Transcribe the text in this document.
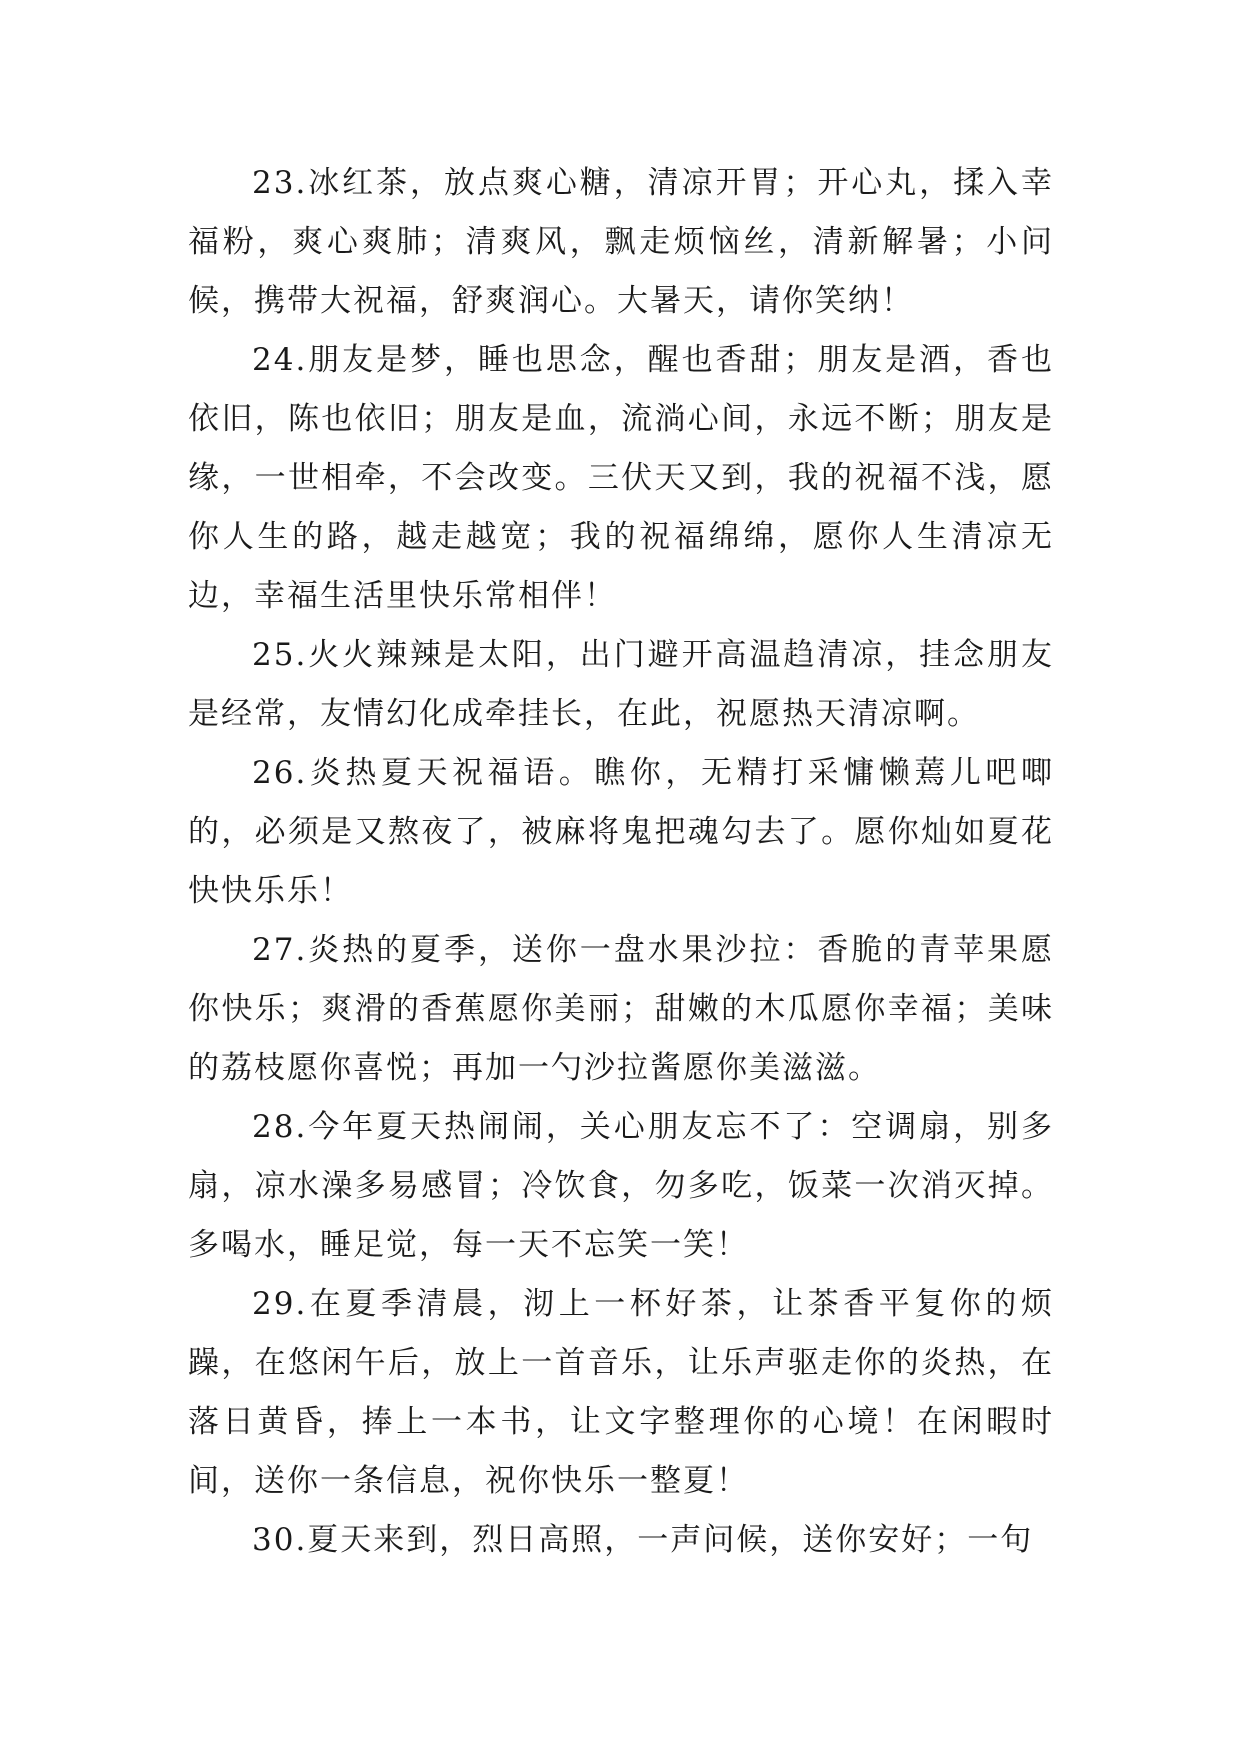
23.冰红茶，放点爽心糖，清凉开胃；开心丸，揉入幸福粉，爽心爽肺；清爽风，飘走烦恼丝，清新解暑；小问候，携带大祝福，舒爽润心。大暑天，请你笑纳！

24.朋友是梦，睡也思念，醒也香甜；朋友是酒，香也依旧，陈也依旧；朋友是血，流淌心间，永远不断；朋友是缘，一世相牵，不会改变。三伏天又到，我的祝福不浅，愿你人生的路，越走越宽；我的祝福绵绵，愿你人生清凉无边，幸福生活里快乐常相伴！

25.火火辣辣是太阳，出门避开高温趋清凉，挂念朋友是经常，友情幻化成牵挂长，在此，祝愿热天清凉啊。

26.炎热夏天祝福语。瞧你，无精打采慵懒蔫儿吧唧的，必须是又熬夜了，被麻将鬼把魂勾去了。愿你灿如夏花快快乐乐！

27.炎热的夏季，送你一盘水果沙拉：香脆的青苹果愿你快乐；爽滑的香蕉愿你美丽；甜嫩的木瓜愿你幸福；美味的荔枝愿你喜悦；再加一勺沙拉酱愿你美滋滋。

28.今年夏天热闹闹，关心朋友忘不了：空调扇，别多扇，凉水澡多易感冒；冷饮食，勿多吃，饭菜一次消灭掉。多喝水，睡足觉，每一天不忘笑一笑！

29.在夏季清晨，沏上一杯好茶，让茶香平复你的烦躁，在悠闲午后，放上一首音乐，让乐声驱走你的炎热，在落日黄昏，捧上一本书，让文字整理你的心境！在闲暇时间，送你一条信息，祝你快乐一整夏！

30.夏天来到，烈日高照，一声问候，送你安好；一句
